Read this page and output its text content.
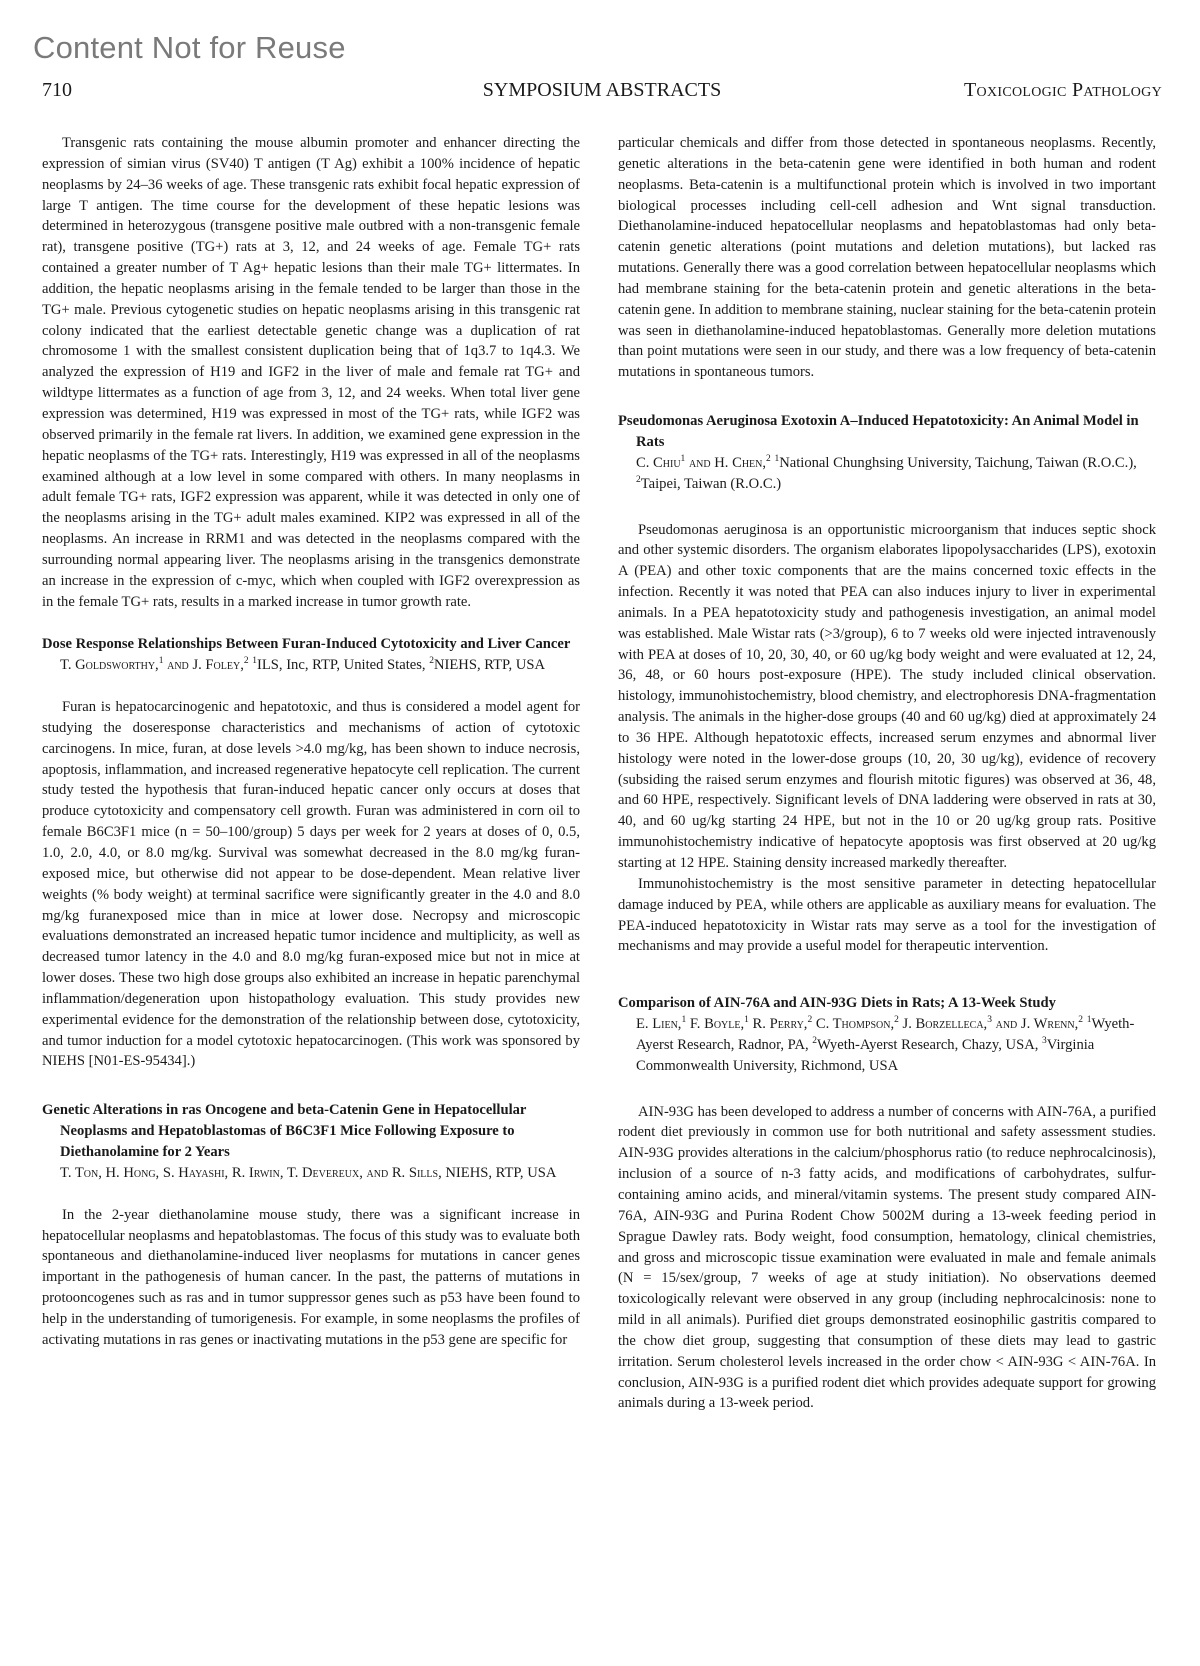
Content Not for Reuse
710	SYMPOSIUM ABSTRACTS	Toxicologic Pathology

Transgenic rats containing the mouse albumin promoter and enhancer directing the expression of simian virus (SV40) T antigen (T Ag) exhibit a 100% incidence of hepatic neoplasms by 24–36 weeks of age. These transgenic rats exhibit focal hepatic expression of large T antigen. The time course for the development of these hepatic lesions was determined in heterozygous (transgene positive male outbred with a non-transgenic female rat), transgene positive (TG+) rats at 3, 12, and 24 weeks of age. Female TG+ rats contained a greater number of T Ag+ hepatic lesions than their male TG+ littermates. In addition, the hepatic neoplasms arising in the female tended to be larger than those in the TG+ male. Previous cytogenetic studies on hepatic neoplasms arising in this transgenic rat colony indicated that the earliest detectable genetic change was a duplication of rat chromosome 1 with the smallest consistent duplication being that of 1q3.7 to 1q4.3. We analyzed the expression of H19 and IGF2 in the liver of male and female rat TG+ and wildtype littermates as a function of age from 3, 12, and 24 weeks. When total liver gene expression was determined, H19 was expressed in most of the TG+ rats, while IGF2 was observed primarily in the female rat livers. In addition, we examined gene expression in the hepatic neoplasms of the TG+ rats. Interestingly, H19 was expressed in all of the neoplasms examined although at a low level in some compared with others. In many neoplasms in adult female TG+ rats, IGF2 expression was apparent, while it was detected in only one of the neoplasms arising in the TG+ adult males examined. KIP2 was expressed in all of the neoplasms. An increase in RRM1 and was detected in the neoplasms compared with the surrounding normal appearing liver. The neoplasms arising in the transgenics demonstrate an increase in the expression of c-myc, which when coupled with IGF2 overexpression as in the female TG+ rats, results in a marked increase in tumor growth rate.

Dose Response Relationships Between Furan-Induced Cytotoxicity and Liver Cancer

T. Goldsworthy,$^1$ and J. Foley,$^2$ $^1$ILS, Inc, RTP, United States, $^2$NIEHS, RTP, USA

Furan is hepatocarcinogenic and hepatotoxic, and thus is considered a model agent for studying the doseresponse characteristics and mechanisms of action of cytotoxic carcinogens. In mice, furan, at dose levels >4.0 mg/kg, has been shown to induce necrosis, apoptosis, inflammation, and increased regenerative hepatocyte cell replication. The current study tested the hypothesis that furan-induced hepatic cancer only occurs at doses that produce cytotoxicity and compensatory cell growth. Furan was administered in corn oil to female B6C3F1 mice (n = 50–100/group) 5 days per week for 2 years at doses of 0, 0.5, 1.0, 2.0, 4.0, or 8.0 mg/kg. Survival was somewhat decreased in the 8.0 mg/kg furan-exposed mice, but otherwise did not appear to be dose-dependent. Mean relative liver weights (% body weight) at terminal sacrifice were significantly greater in the 4.0 and 8.0 mg/kg furanexposed mice than in mice at lower dose. Necropsy and microscopic evaluations demonstrated an increased hepatic tumor incidence and multiplicity, as well as decreased tumor latency in the 4.0 and 8.0 mg/kg furan-exposed mice but not in mice at lower doses. These two high dose groups also exhibited an increase in hepatic parenchymal inflammation/degeneration upon histopathology evaluation. This study provides new experimental evidence for the demonstration of the relationship between dose, cytotoxicity, and tumor induction for a model cytotoxic hepatocarcinogen. (This work was sponsored by NIEHS [N01-ES-95434].)

Genetic Alterations in ras Oncogene and beta-Catenin Gene in Hepatocellular Neoplasms and Hepatoblastomas of B6C3F1 Mice Following Exposure to Diethanolamine for 2 Years

T. Ton, H. Hong, S. Hayashi, R. Irwin, T. Devereux, and R. Sills, NIEHS, RTP, USA

In the 2-year diethanolamine mouse study, there was a significant increase in hepatocellular neoplasms and hepatoblastomas. The focus of this study was to evaluate both spontaneous and diethanolamine-induced liver neoplasms for mutations in cancer genes important in the pathogenesis of human cancer. In the past, the patterns of mutations in protooncogenes such as ras and in tumor suppressor genes such as p53 have been found to help in the understanding of tumorigenesis. For example, in some neoplasms the profiles of activating mutations in ras genes or inactivating mutations in the p53 gene are specific for

particular chemicals and differ from those detected in spontaneous neoplasms. Recently, genetic alterations in the beta-catenin gene were identified in both human and rodent neoplasms. Beta-catenin is a multifunctional protein which is involved in two important biological processes including cell-cell adhesion and Wnt signal transduction. Diethanolamine-induced hepatocellular neoplasms and hepatoblastomas had only beta-catenin genetic alterations (point mutations and deletion mutations), but lacked ras mutations. Generally there was a good correlation between hepatocellular neoplasms which had membrane staining for the beta-catenin protein and genetic alterations in the beta-catenin gene. In addition to membrane staining, nuclear staining for the beta-catenin protein was seen in diethanolamine-induced hepatoblastomas. Generally more deletion mutations than point mutations were seen in our study, and there was a low frequency of beta-catenin mutations in spontaneous tumors.

Pseudomonas Aeruginosa Exotoxin A–Induced Hepatotoxicity: An Animal Model in Rats

C. Chiu$^1$ and H. Chen,$^2$ $^1$National Chunghsing University, Taichung, Taiwan (R.O.C.), $^2$Taipei, Taiwan (R.O.C.)

Pseudomonas aeruginosa is an opportunistic microorganism that induces septic shock and other systemic disorders. The organism elaborates lipopolysaccharides (LPS), exotoxin A (PEA) and other toxic components that are the mains concerned toxic effects in the infection. Recently it was noted that PEA can also induces injury to liver in experimental animals. In a PEA hepatotoxicity study and pathogenesis investigation, an animal model was established. Male Wistar rats (>3/group), 6 to 7 weeks old were injected intravenously with PEA at doses of 10, 20, 30, 40, or 60 ug/kg body weight and were evaluated at 12, 24, 36, 48, or 60 hours post-exposure (HPE). The study included clinical observation. histology, immunohistochemistry, blood chemistry, and electrophoresis DNA-fragmentation analysis. The animals in the higher-dose groups (40 and 60 ug/kg) died at approximately 24 to 36 HPE. Although hepatotoxic effects, increased serum enzymes and abnormal liver histology were noted in the lower-dose groups (10, 20, 30 ug/kg), evidence of recovery (subsiding the raised serum enzymes and flourish mitotic figures) was observed at 36, 48, and 60 HPE, respectively. Significant levels of DNA laddering were observed in rats at 30, 40, and 60 ug/kg starting 24 HPE, but not in the 10 or 20 ug/kg group rats. Positive immunohistochemistry indicative of hepatocyte apoptosis was first observed at 20 ug/kg starting at 12 HPE. Staining density increased markedly thereafter.

Immunohistochemistry is the most sensitive parameter in detecting hepatocellular damage induced by PEA, while others are applicable as auxiliary means for evaluation. The PEA-induced hepatotoxicity in Wistar rats may serve as a tool for the investigation of mechanisms and may provide a useful model for therapeutic intervention.

Comparison of AIN-76A and AIN-93G Diets in Rats; A 13-Week Study

E. Lien,$^1$ F. Boyle,$^1$ R. Perry,$^2$ C. Thompson,$^2$ J. Borzelleca,$^3$ and J. Wrenn,$^2$ $^1$Wyeth-Ayerst Research, Radnor, PA, $^2$Wyeth-Ayerst Research, Chazy, USA, $^3$Virginia Commonwealth University, Richmond, USA

AIN-93G has been developed to address a number of concerns with AIN-76A, a purified rodent diet previously in common use for both nutritional and safety assessment studies. AIN-93G provides alterations in the calcium/phosphorus ratio (to reduce nephrocalcinosis), inclusion of a source of n-3 fatty acids, and modifications of carbohydrates, sulfur-containing amino acids, and mineral/vitamin systems. The present study compared AIN-76A, AIN-93G and Purina Rodent Chow 5002M during a 13-week feeding period in Sprague Dawley rats. Body weight, food consumption, hematology, clinical chemistries, and gross and microscopic tissue examination were evaluated in male and female animals (N = 15/sex/group, 7 weeks of age at study initiation). No observations deemed toxicologically relevant were observed in any group (including nephrocalcinosis: none to mild in all animals). Purified diet groups demonstrated eosinophilic gastritis compared to the chow diet group, suggesting that consumption of these diets may lead to gastric irritation. Serum cholesterol levels increased in the order chow < AIN-93G < AIN-76A. In conclusion, AIN-93G is a purified rodent diet which provides adequate support for growing animals during a 13-week period.
